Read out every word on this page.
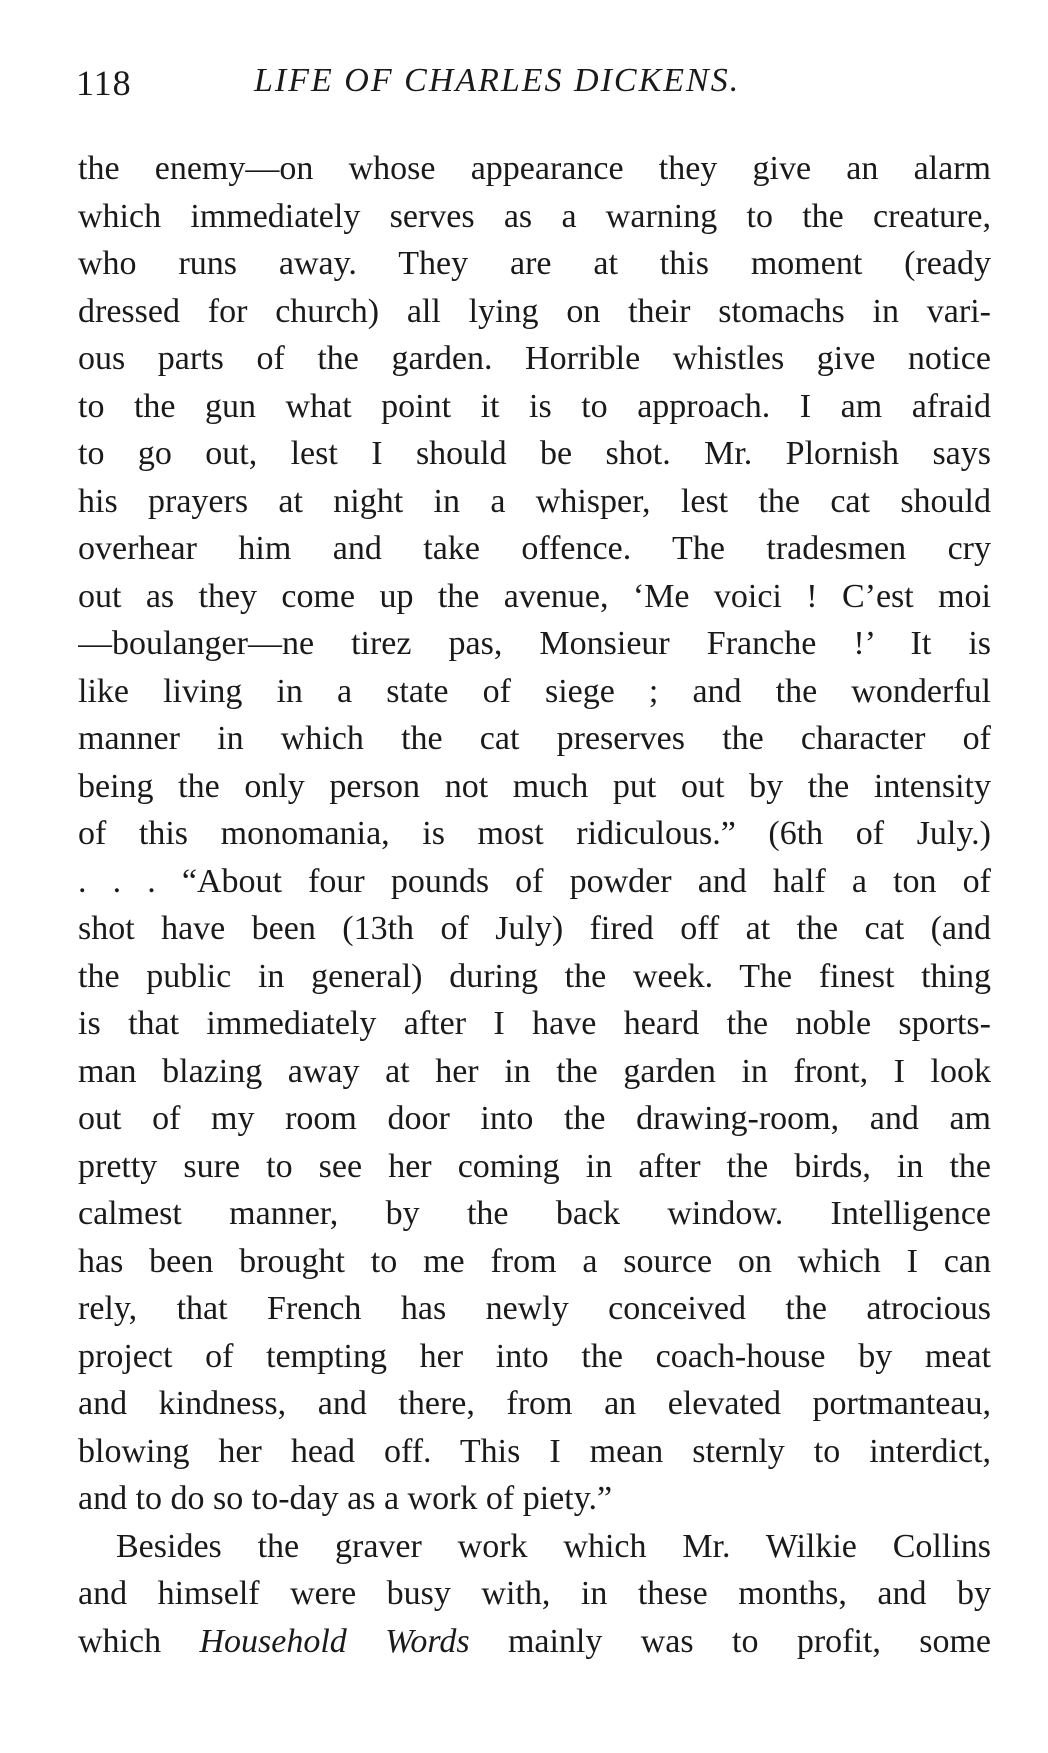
118	LIFE OF CHARLES DICKENS.
the enemy—on whose appearance they give an alarm
which immediately serves as a warning to the creature,
who runs away. They are at this moment (ready
dressed for church) all lying on their stomachs in vari-
ous parts of the garden. Horrible whistles give notice
to the gun what point it is to approach. I am afraid
to go out, lest I should be shot. Mr. Plornish says
his prayers at night in a whisper, lest the cat should
overhear him and take offence. The tradesmen cry
out as they come up the avenue, ‘Me voici ! C’est moi
—boulanger—ne tirez pas, Monsieur Franche !’ It is
like living in a state of siege ; and the wonderful
manner in which the cat preserves the character of
being the only person not much put out by the intensity
of this monomania, is most ridiculous.” (6th of July.)
. . . “About four pounds of powder and half a ton of
shot have been (13th of July) fired off at the cat (and
the public in general) during the week. The finest thing
is that immediately after I have heard the noble sports-
man blazing away at her in the garden in front, I look
out of my room door into the drawing-room, and am
pretty sure to see her coming in after the birds, in the
calmest manner, by the back window. Intelligence
has been brought to me from a source on which I can
rely, that French has newly conceived the atrocious
project of tempting her into the coach-house by meat
and kindness, and there, from an elevated portmanteau,
blowing her head off. This I mean sternly to interdict,
and to do so to-day as a work of piety.”
Besides the graver work which Mr. Wilkie Collins
and himself were busy with, in these months, and by
which Household Words mainly was to profit, some
